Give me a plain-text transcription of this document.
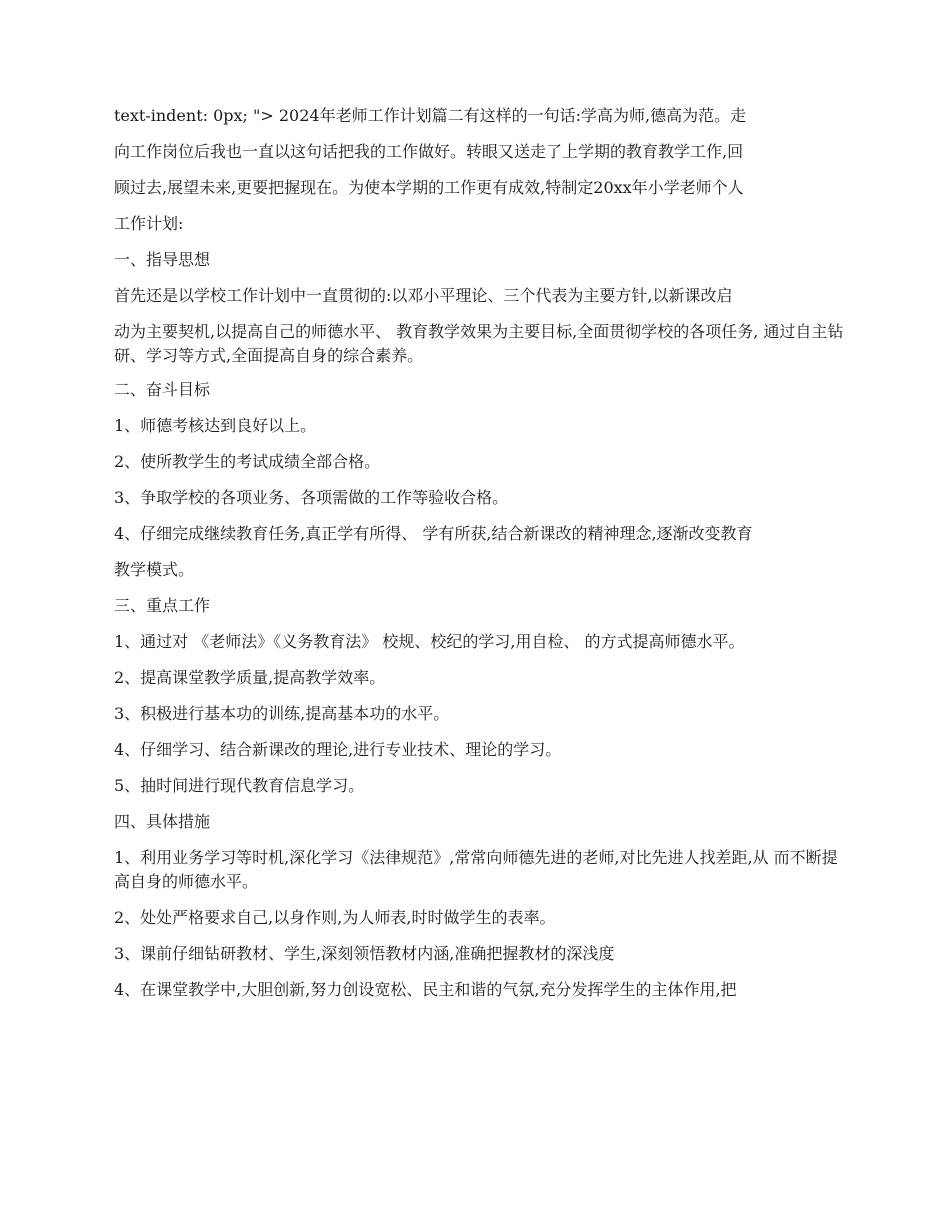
text-indent: 0px; "> 2024年老师工作计划篇二有这样的一句话:学高为师,德高为范。走

向工作岗位后我也一直以这句话把我的工作做好。转眼又送走了上学期的教育教学工作,回

顾过去,展望未来,更要把握现在。为使本学期的工作更有成效,特制定20xx年小学老师个人

工作计划:

一、指导思想

首先还是以学校工作计划中一直贯彻的:以邓小平理论、三个代表为主要方针,以新课改启

动为主要契机,以提高自己的师德水平、 教育教学效果为主要目标,全面贯彻学校的各项任务, 通过自主钻研、学习等方式,全面提高自身的综合素养。

二、奋斗目标

1、师德考核达到良好以上。

2、使所教学生的考试成绩全部合格。

3、争取学校的各项业务、各项需做的工作等验收合格。

4、仔细完成继续教育任务,真正学有所得、 学有所获,结合新课改的精神理念,逐渐改变教育

教学模式。

三、重点工作

1、通过对 《老师法》《义务教育法》 校规、校纪的学习,用自检、 的方式提高师德水平。

2、提高课堂教学质量,提高教学效率。

3、积极进行基本功的训练,提高基本功的水平。

4、仔细学习、结合新课改的理论,进行专业技术、理论的学习。

5、抽时间进行现代教育信息学习。

四、具体措施

1、利用业务学习等时机,深化学习《法律规范》,常常向师德先进的老师,对比先进人找差距,从 而不断提高自身的师德水平。

2、处处严格要求自己,以身作则,为人师表,时时做学生的表率。

3、课前仔细钻研教材、学生,深刻领悟教材内涵,准确把握教材的深浅度

4、在课堂教学中,大胆创新,努力创设宽松、民主和谐的气氛,充分发挥学生的主体作用,把
